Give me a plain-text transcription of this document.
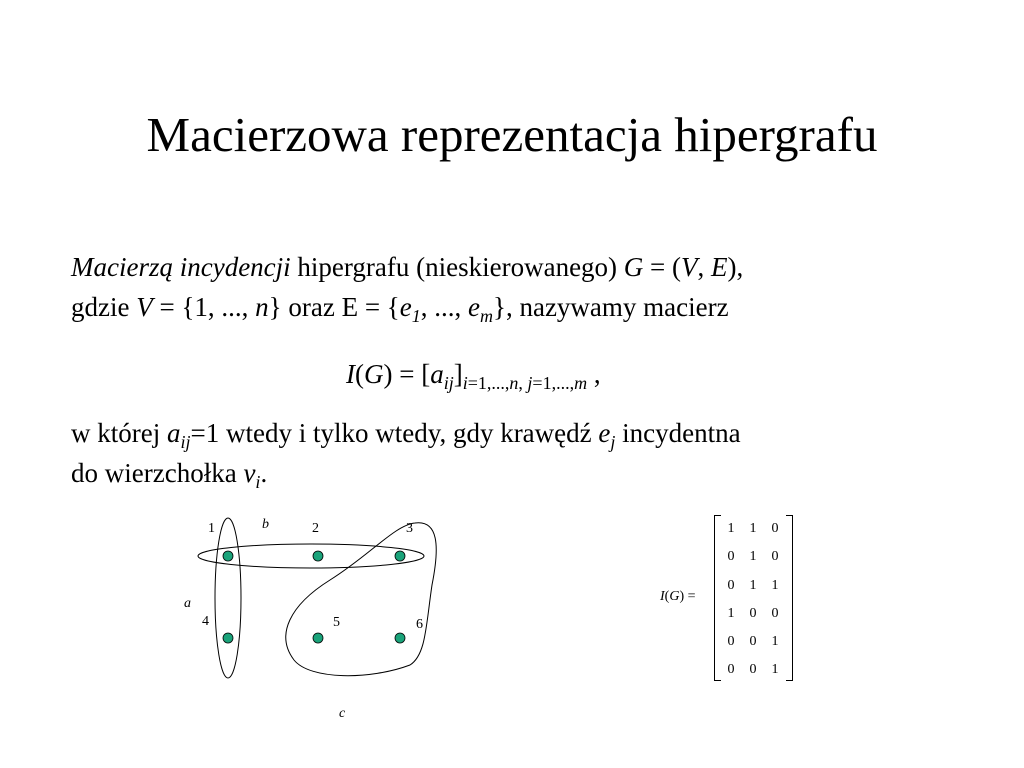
Macierzowa reprezentacja hipergrafu
Macierzą incydencji hipergrafu (nieskierowanego) G = (V, E),
gdzie V = {1, ..., n} oraz $E = \{e_1$, ..., $e_m$}, nazywamy macierz
$I(G) = [a_{ij}]_{i=1,...,n, j=1,...,m}$ ,
w której $a_{ij}=1$ wtedy i tylko wtedy, gdy krawędź $e_j$ incydentna
do wierzchołka $v_i$.
1	2	3
4	5	6
a
b
c
I(G) =
1	1	0
0	1	0
0	1	1
1	0	0
0	0	1
0	0	1
